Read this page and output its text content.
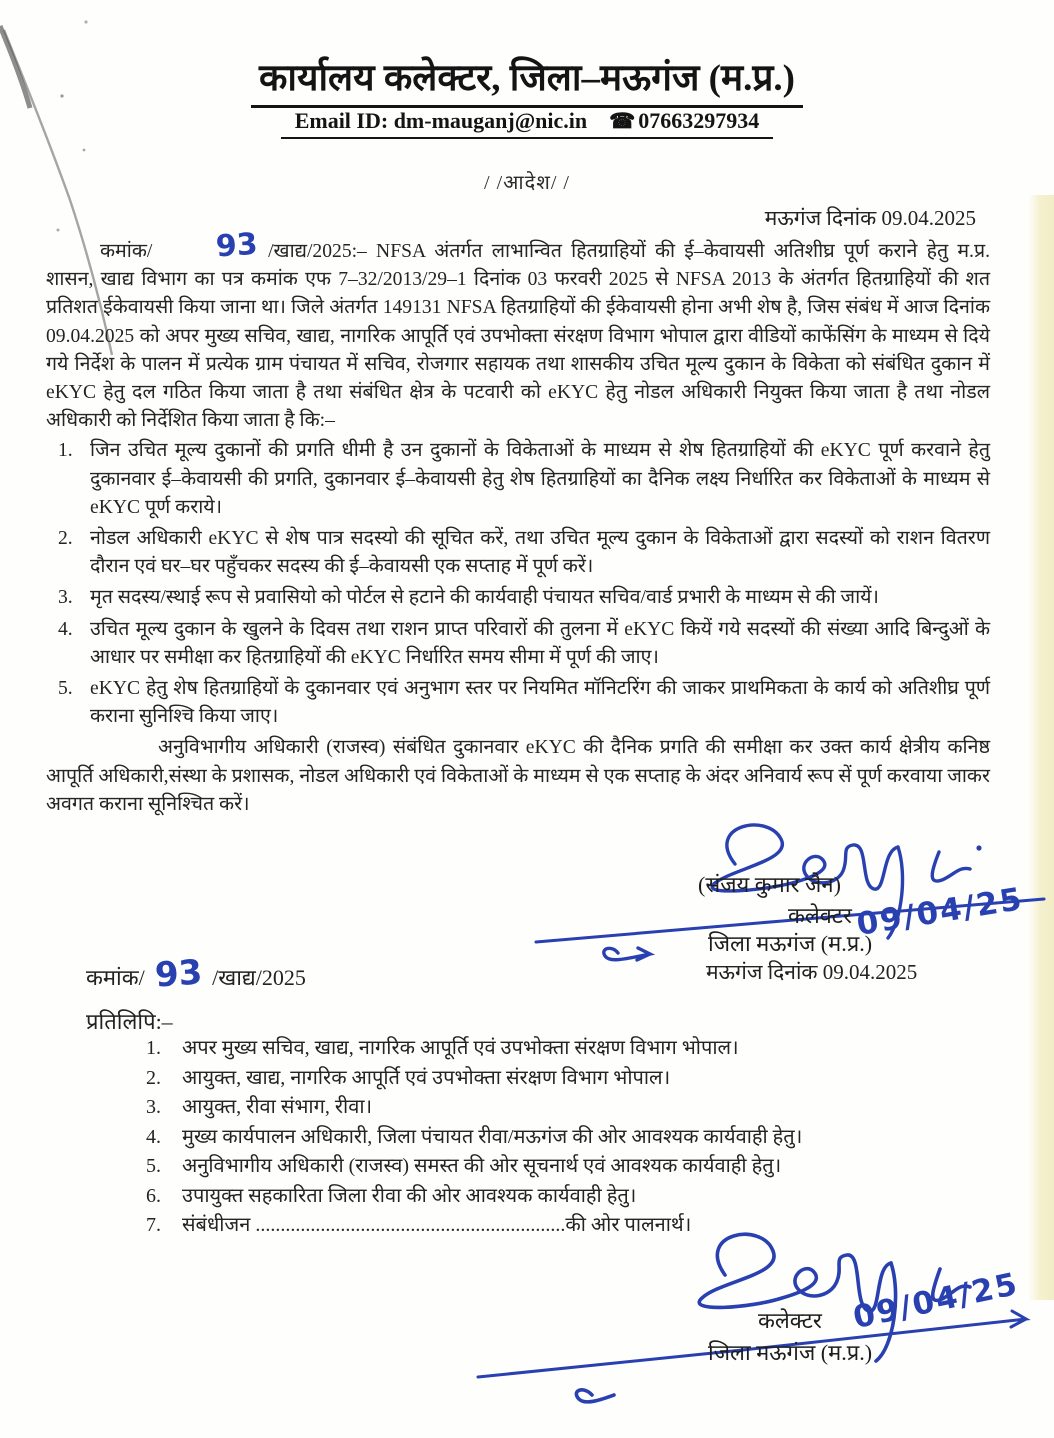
कार्यालय कलेक्टर, जिला–मऊगंज (म.प्र.)
Email ID: dm-mauganj@nic.in ☎ 07663297934
/ /आदेश/ /
मऊगंज दिनांक 09.04.2025

कमांक/ 93 /खाद्य/2025:– NFSA अंतर्गत लाभान्वित हितग्राहियों की ई–केवायसी अतिशीघ्र पूर्ण कराने हेतु म.प्र. शासन, खाद्य विभाग का पत्र कमांक एफ 7–32/2013/29–1 दिनांक 03 फरवरी 2025 से NFSA 2013 के अंतर्गत हितग्राहियों की शत प्रतिशत ईकेवायसी किया जाना था। जिले अंतर्गत 149131 NFSA हितग्राहियों की ईकेवायसी होना अभी शेष है, जिस संबंध में आज दिनांक 09.04.2025 को अपर मुख्य सचिव, खाद्य, नागरिक आपूर्ति एवं उपभोक्ता संरक्षण विभाग भोपाल द्वारा वीडियों काफेंसिंग के माध्यम से दिये गये निर्देश के पालन में प्रत्येक ग्राम पंचायत में सचिव, रोजगार सहायक तथा शासकीय उचित मूल्य दुकान के विकेता को संबंधित दुकान में eKYC हेतु दल गठित किया जाता है तथा संबंधित क्षेत्र के पटवारी को eKYC हेतु नोडल अधिकारी नियुक्त किया जाता है तथा नोडल अधिकारी को निर्देशित किया जाता है कि:–

जिन उचित मूल्य दुकानों की प्रगति धीमी है उन दुकानों के विकेताओं के माध्यम से शेष हितग्राहियों की eKYC पूर्ण करवाने हेतु दुकानवार ई–केवायसी की प्रगति, दुकानवार ई–केवायसी हेतु शेष हितग्राहियों का दैनिक लक्ष्य निर्धारित कर विकेताओं के माध्यम से eKYC पूर्ण कराये।
नोडल अधिकारी eKYC से शेष पात्र सदस्यो की सूचित करें, तथा उचित मूल्य दुकान के विकेताओं द्वारा सदस्यों को राशन वितरण दौरान एवं घर–घर पहुँचकर सदस्य की ई–केवायसी एक सप्ताह में पूर्ण करें।
मृत सदस्य/स्थाई रूप से प्रवासियो को पोर्टल से हटाने की कार्यवाही पंचायत सचिव/वार्ड प्रभारी के माध्यम से की जायें।
उचित मूल्य दुकान के खुलने के दिवस तथा राशन प्राप्त परिवारों की तुलना में eKYC कियें गये सदस्यों की संख्या आदि बिन्दुओं के आधार पर समीक्षा कर हितग्राहियों की eKYC निर्धारित समय सीमा में पूर्ण की जाए।
eKYC हेतु शेष हितग्राहियों के दुकानवार एवं अनुभाग स्तर पर नियमित मॉनिटरिंग की जाकर प्राथमिकता के कार्य को अतिशीघ्र पूर्ण कराना सुनिश्चि किया जाए।

अनुविभागीय अधिकारी (राजस्व) संबंधित दुकानवार eKYC की दैनिक प्रगति की समीक्षा कर उक्त कार्य क्षेत्रीय कनिष्ठ आपूर्ति अधिकारी,संस्था के प्रशासक, नोडल अधिकारी एवं विकेताओं के माध्यम से एक सप्ताह के अंदर अनिवार्य रूप सें पूर्ण करवाया जाकर अवगत कराना सूनिश्चित करें।

(संजय कुमार जैन)
कलेक्टर
जिला मऊगंज (म.प्र.)
09/04/25
मऊगंज दिनांक 09.04.2025
कमांक/ 93 /खाद्य/2025
प्रतिलिपि:–
अपर मुख्य सचिव, खाद्य, नागरिक आपूर्ति एवं उपभोक्ता संरक्षण विभाग भोपाल।
आयुक्त, खाद्य, नागरिक आपूर्ति एवं उपभोक्ता संरक्षण विभाग भोपाल।
आयुक्त, रीवा संभाग, रीवा।
मुख्य कार्यपालन अधिकारी, जिला पंचायत रीवा/मऊगंज की ओर आवश्यक कार्यवाही हेतु।
अनुविभागीय अधिकारी (राजस्व) समस्त की ओर सूचनार्थ एवं आवश्यक कार्यवाही हेतु।
उपायुक्त सहकारिता जिला रीवा की ओर आवश्यक कार्यवाही हेतु।
संबंधीजन ..............................................................की ओर पालनार्थ।
कलेक्टर
जिला मऊगंज (म.प्र.)
09/04/25
